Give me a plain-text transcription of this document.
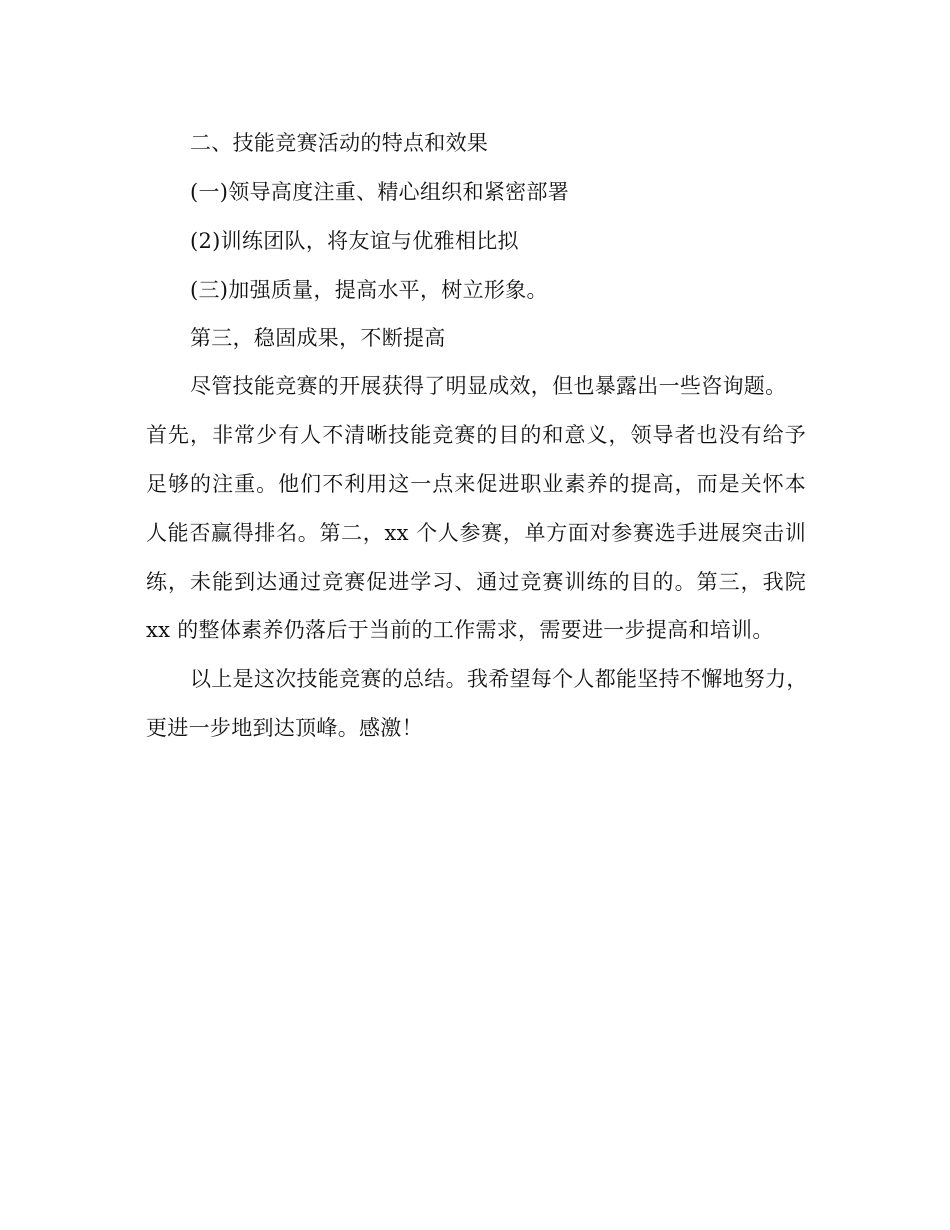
二、技能竞赛活动的特点和效果
(一)领导高度注重、精心组织和紧密部署
(2)训练团队，将友谊与优雅相比拟
(三)加强质量，提高水平，树立形象。
第三，稳固成果，不断提高
尽管技能竞赛的开展获得了明显成效，但也暴露出一些咨询题。
首先，非常少有人不清晰技能竞赛的目的和意义，领导者也没有给予
足够的注重。他们不利用这一点来促进职业素养的提高，而是关怀本
人能否赢得排名。第二，xx 个人参赛，单方面对参赛选手进展突击训
练，未能到达通过竞赛促进学习、通过竞赛训练的目的。第三，我院
xx 的整体素养仍落后于当前的工作需求，需要进一步提高和培训。
以上是这次技能竞赛的总结。我希望每个人都能坚持不懈地努力，
更进一步地到达顶峰。感激！
